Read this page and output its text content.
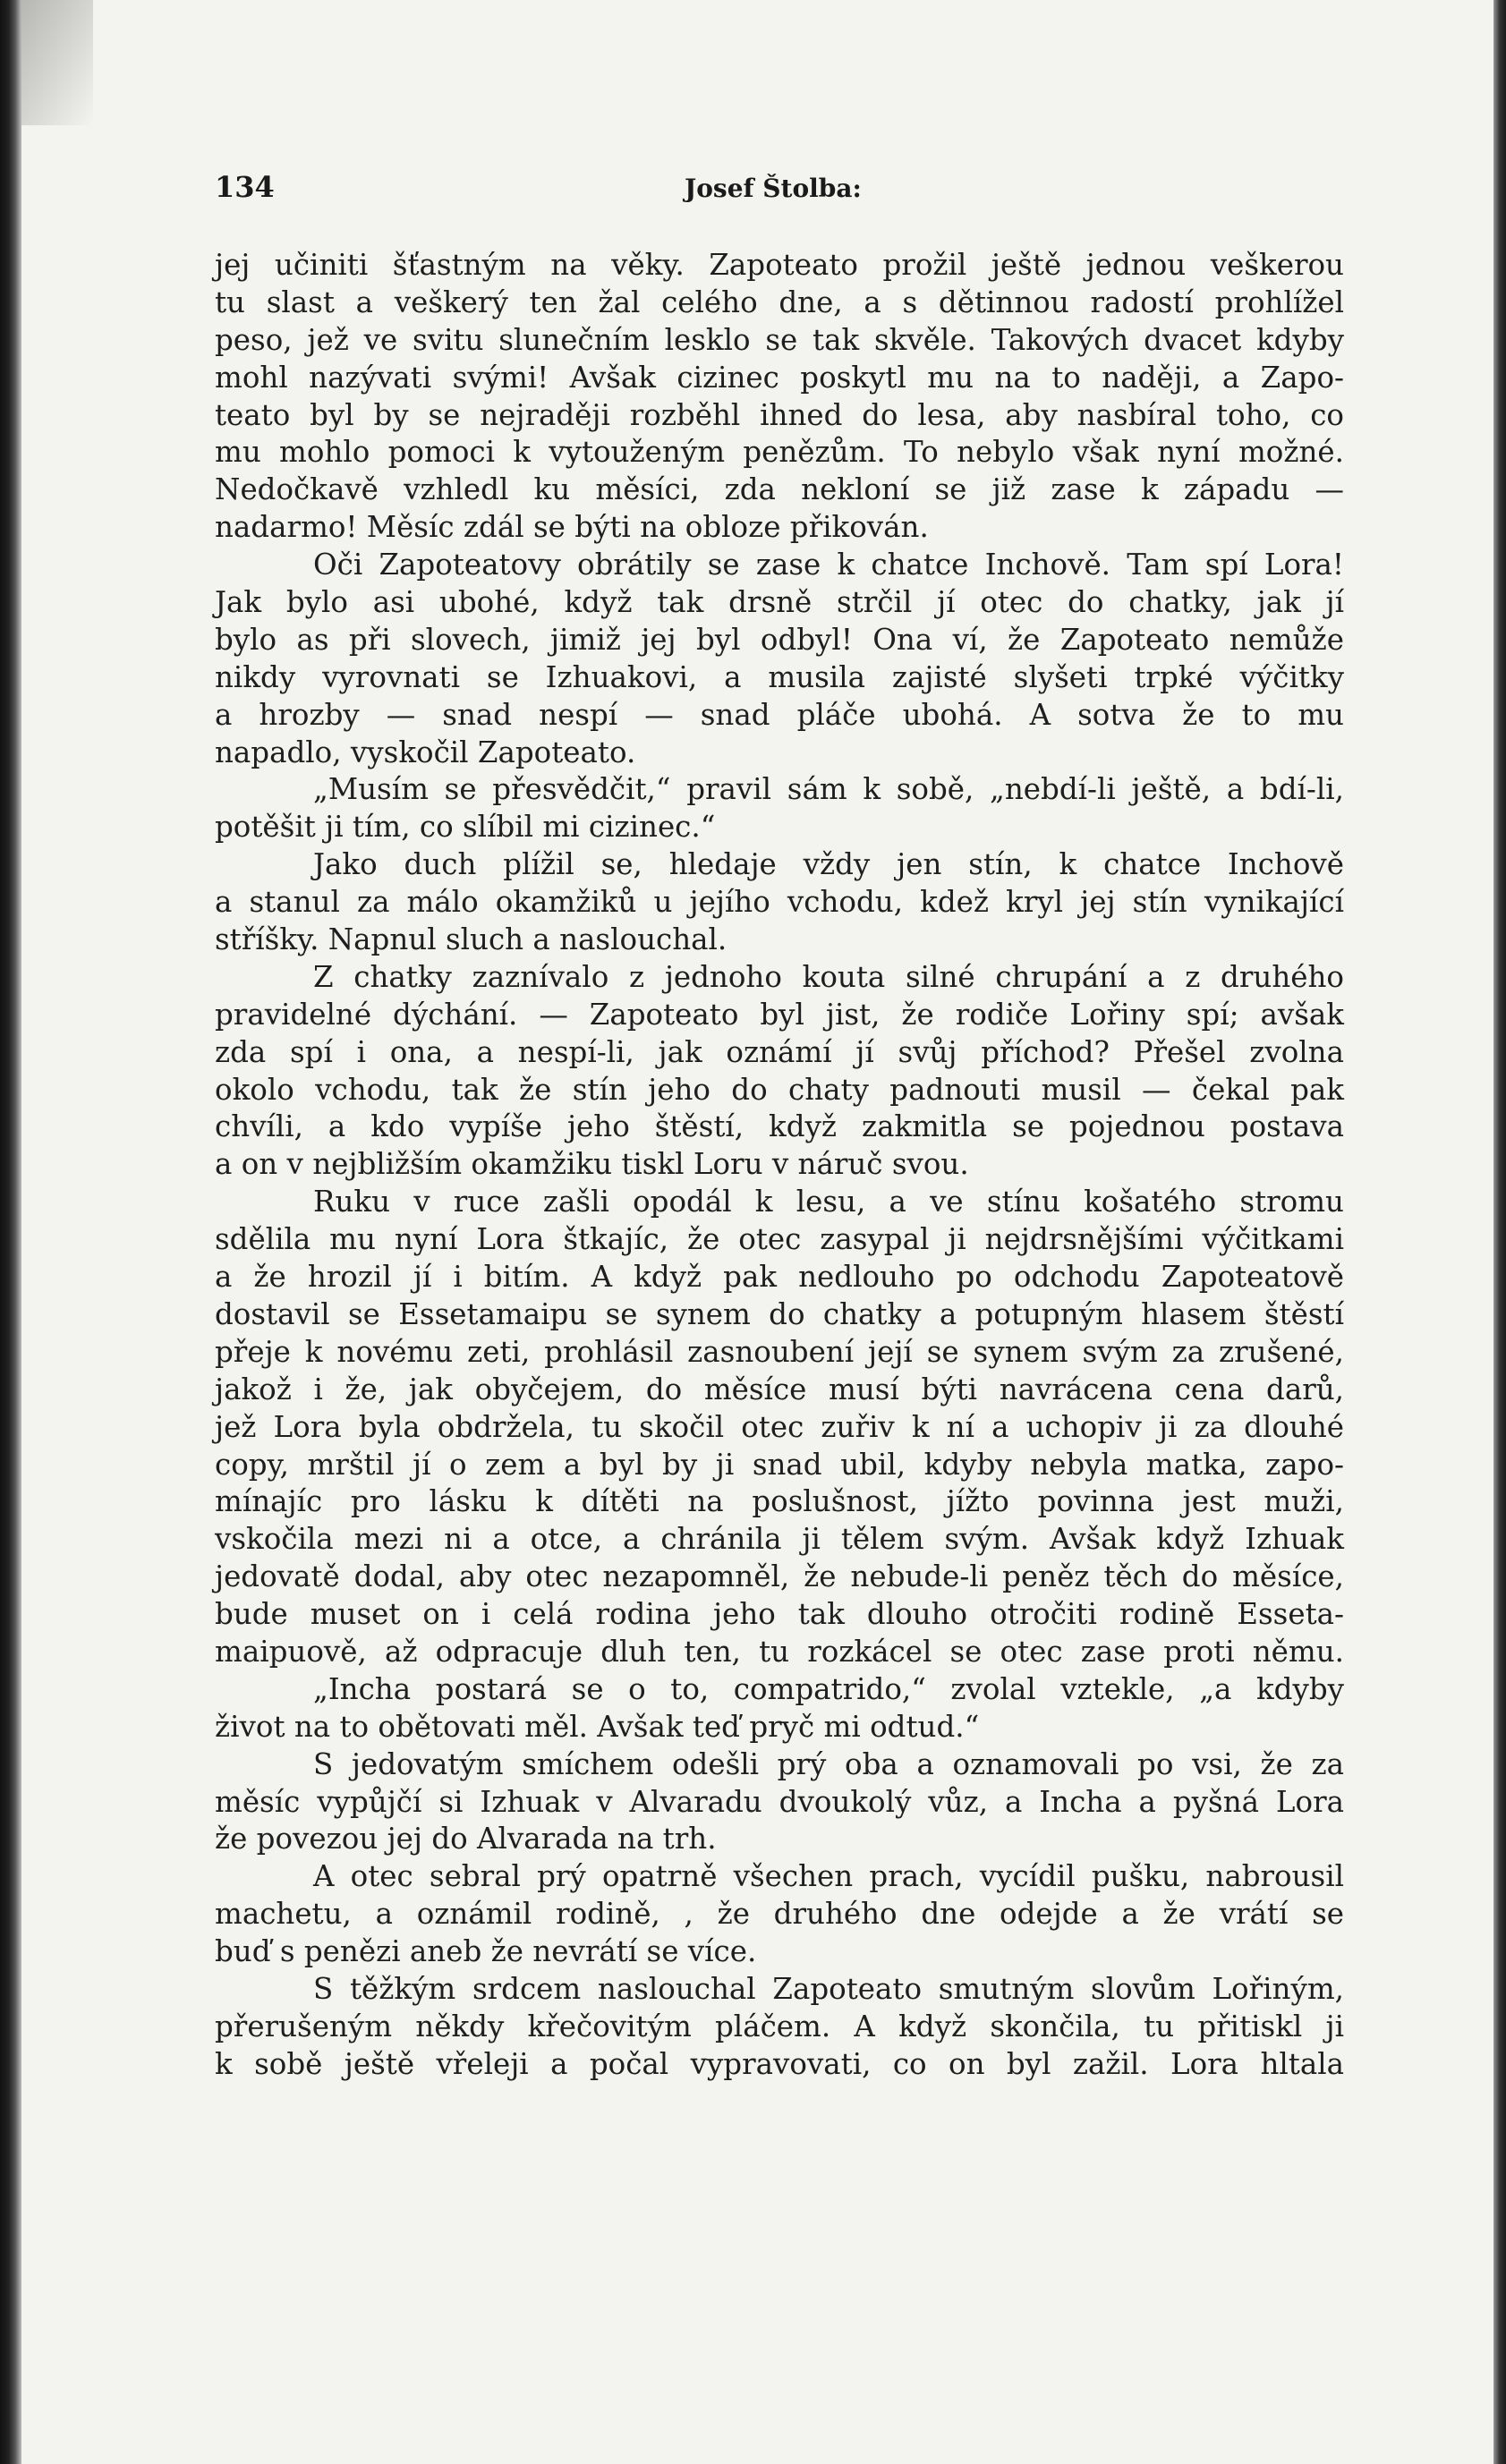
134	Josef Štolba:
jej učiniti šťastným na věky. Zapoteato prožil ještě jednou veškerou
tu slast a veškerý ten žal celého dne, a s dětinnou radostí prohlížel
peso, jež ve svitu slunečním lesklo se tak skvěle. Takových dvacet kdyby
mohl nazývati svými! Avšak cizinec poskytl mu na to naději, a Zapo-
teato byl by se nejraději rozběhl ihned do lesa, aby nasbíral toho, co
mu mohlo pomoci k vytouženým penězům. To nebylo však nyní možné.
Nedočkavě vzhledl ku měsíci, zda nekloní se již zase k západu —
nadarmo! Měsíc zdál se býti na obloze přikován.
Oči Zapoteatovy obrátily se zase k chatce Inchově. Tam spí Lora!
Jak bylo asi ubohé, když tak drsně strčil jí otec do chatky, jak jí
bylo as při slovech, jimiž jej byl odbyl! Ona ví, že Zapoteato nemůže
nikdy vyrovnati se Izhuakovi, a musila zajisté slyšeti trpké výčitky
a hrozby — snad nespí — snad pláče ubohá. A sotva že to mu
napadlo, vyskočil Zapoteato.
„Musím se přesvědčit,“ pravil sám k sobě, „nebdí-li ještě, a bdí-li,
potěšit ji tím, co slíbil mi cizinec.“
Jako duch plížil se, hledaje vždy jen stín, k chatce Inchově
a stanul za málo okamžiků u jejího vchodu, kdež kryl jej stín vynikající
stříšky. Napnul sluch a naslouchal.
Z chatky zaznívalo z jednoho kouta silné chrupání a z druhého
pravidelné dýchání. — Zapoteato byl jist, že rodiče Lořiny spí; avšak
zda spí i ona, a nespí-li, jak oznámí jí svůj příchod? Přešel zvolna
okolo vchodu, tak že stín jeho do chaty padnouti musil — čekal pak
chvíli, a kdo vypíše jeho štěstí, když zakmitla se pojednou postava
a on v nejbližším okamžiku tiskl Loru v náruč svou.
Ruku v ruce zašli opodál k lesu, a ve stínu košatého stromu
sdělila mu nyní Lora štkajíc, že otec zasypal ji nejdrsnějšími výčitkami
a že hrozil jí i bitím. A když pak nedlouho po odchodu Zapoteatově
dostavil se Essetamaipu se synem do chatky a potupným hlasem štěstí
přeje k novému zeti, prohlásil zasnoubení její se synem svým za zrušené,
jakož i že, jak obyčejem, do měsíce musí býti navrácena cena darů,
jež Lora byla obdržela, tu skočil otec zuřiv k ní a uchopiv ji za dlouhé
copy, mrštil jí o zem a byl by ji snad ubil, kdyby nebyla matka, zapo-
mínajíc pro lásku k dítěti na poslušnost, jížto povinna jest muži,
vskočila mezi ni a otce, a chránila ji tělem svým. Avšak když Izhuak
jedovatě dodal, aby otec nezapomněl, že nebude-li peněz těch do měsíce,
bude muset on i celá rodina jeho tak dlouho otročiti rodině Esseta-
maipuově, až odpracuje dluh ten, tu rozkácel se otec zase proti němu.
„Incha postará se o to, compatrido,“ zvolal vztekle, „a kdyby
život na to obětovati měl. Avšak teď pryč mi odtud.“
S jedovatým smíchem odešli prý oba a oznamovali po vsi, že za
měsíc vypůjčí si Izhuak v Alvaradu dvoukolý vůz, a Incha a pyšná Lora
že povezou jej do Alvarada na trh.
A otec sebral prý opatrně všechen prach, vycídil pušku, nabrousil
machetu, a oznámil rodině, , že druhého dne odejde a že vrátí se
buď s penězi aneb že nevrátí se více.
S těžkým srdcem naslouchal Zapoteato smutným slovům Lořiným,
přerušeným někdy křečovitým pláčem. A když skončila, tu přitiskl ji
k sobě ještě vřeleji a počal vypravovati, co on byl zažil. Lora hltala
